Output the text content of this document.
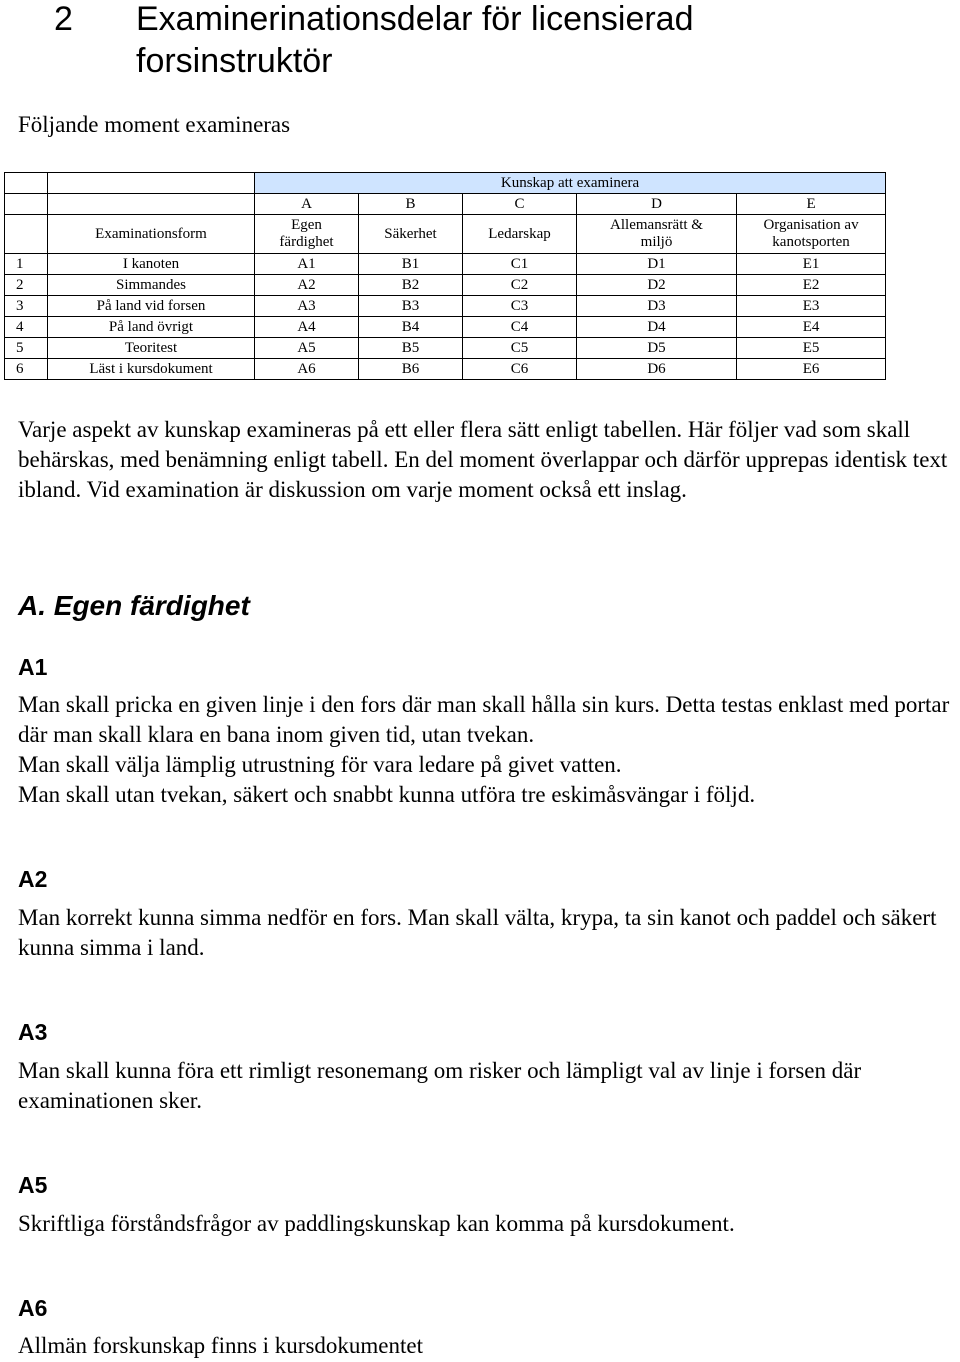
2 Examinerinationsdelar för licensierad forsinstruktör
Följande moment examineras
		Kunskap att examinera				
		A	B	C	D	E
	Examinationsform	Egen färdighet	Säkerhet	Ledarskap	Allemansrätt & miljö	Organisation av kanotsporten

1	I kanoten	A1	B1	C1	D1	E1
2	Simmandes	A2	B2	C2	D2	E2
3	På land vid forsen	A3	B3	C3	D3	E3
4	På land övrigt	A4	B4	C4	D4	E4
5	Teoritest	A5	B5	C5	D5	E5
6	Läst i kursdokument	A6	B6	C6	D6	E6
Varje aspekt av kunskap examineras på ett eller flera sätt enligt tabellen. Här följer vad som skall behärskas, med benämning enligt tabell. En del moment överlappar och därför upprepas identisk text ibland. Vid examination är diskussion om varje moment också ett inslag.
A. Egen färdighet
A1
Man skall pricka en given linje i den fors där man skall hålla sin kurs. Detta testas enklast med portar där man skall klara en bana inom given tid, utan tvekan.
Man skall välja lämplig utrustning för vara ledare på givet vatten.
Man skall utan tvekan, säkert och snabbt kunna utföra tre eskimåsvängar i följd.
A2
Man korrekt kunna simma nedför en fors. Man skall välta, krypa, ta sin kanot och paddel och säkert kunna simma i land.
A3
Man skall kunna föra ett rimligt resonemang om risker och lämpligt val av linje i forsen där examinationen sker.
A5
Skriftliga förståndsfrågor av paddlingskunskap kan komma på kursdokument.
A6
Allmän forskunskap finns i kursdokumentet
